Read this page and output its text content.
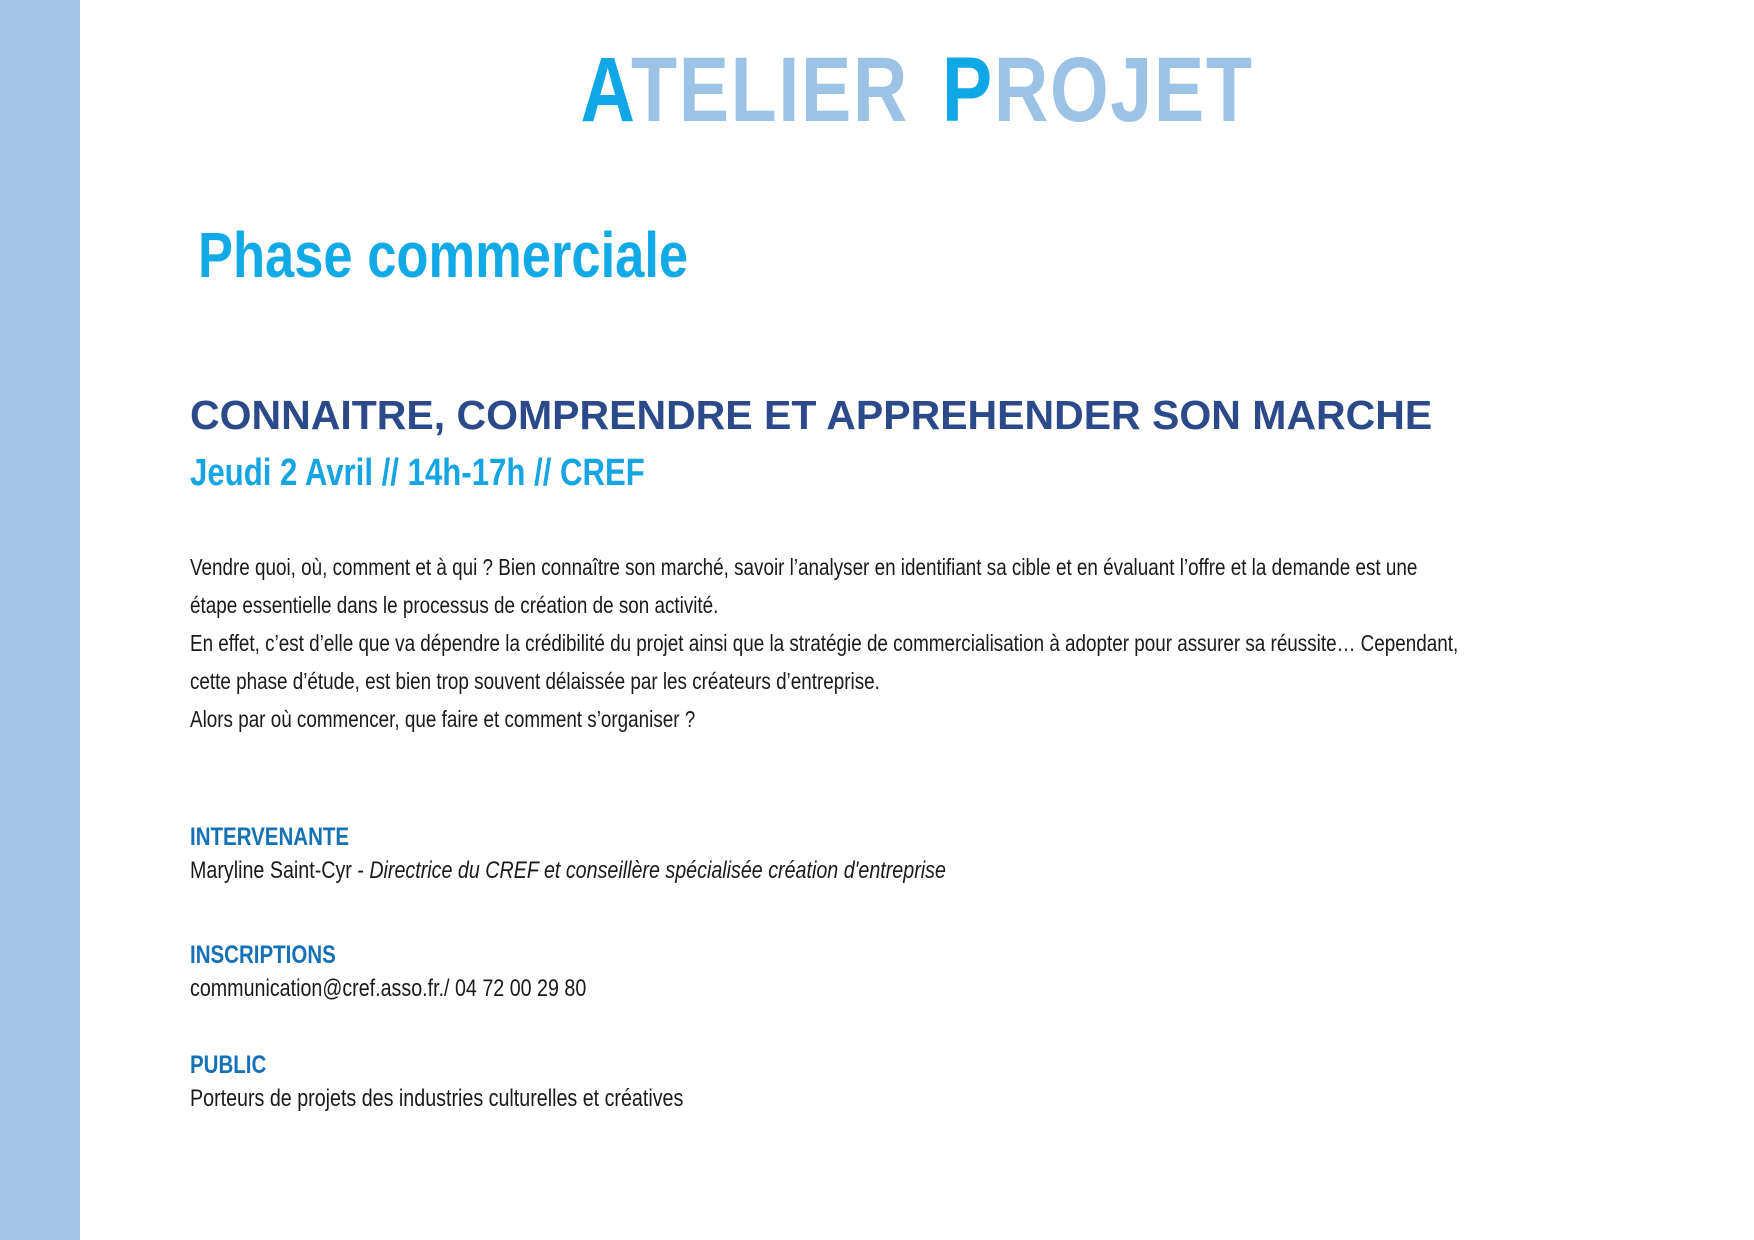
ATELIER PROJET
Phase commerciale
CONNAITRE, COMPRENDRE ET APPREHENDER SON MARCHE
Jeudi 2 Avril // 14h-17h // CREF

Vendre quoi, où, comment et à qui ? Bien connaître son marché, savoir l’analyser en identifiant sa cible et en évaluant l’offre et la demande est une

étape essentielle dans le processus de création de son activité.

En effet, c’est d’elle que va dépendre la crédibilité du projet ainsi que la stratégie de commercialisation à adopter pour assurer sa réussite… Cependant,

cette phase d’étude, est bien trop souvent délaissée par les créateurs d’entreprise.

Alors par où commencer, que faire et comment s’organiser ?

INTERVENANTE
Maryline Saint-Cyr - Directrice du CREF et conseillère spécialisée création d'entreprise
INSCRIPTIONS
communication@cref.asso.fr./ 04 72 00 29 80
PUBLIC
Porteurs de projets des industries culturelles et créatives
